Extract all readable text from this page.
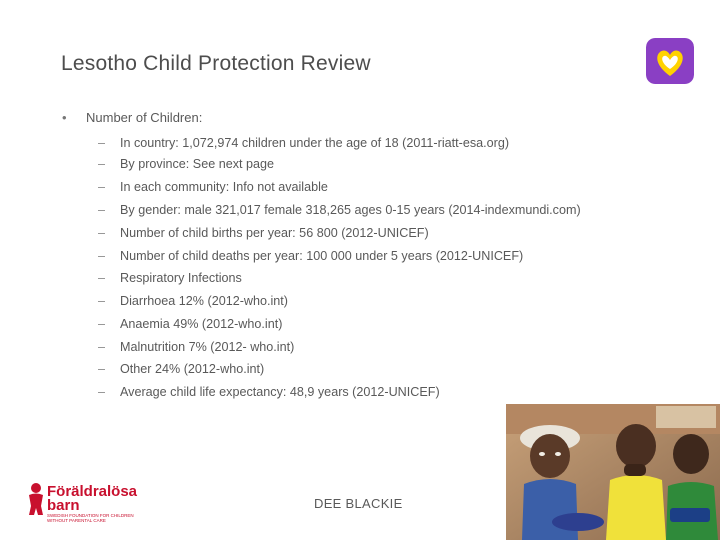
Lesotho Child Protection Review
• Number of Children:
– In country: 1,072,974 children under the age of 18 (2011-riatt-esa.org)
– By province: See next page
– In each community: Info not available
– By gender: male 321,017 female 318,265 ages 0-15 years (2014-indexmundi.com)
– Number of child births per year: 56 800 (2012-UNICEF)
– Number of child deaths per year: 100 000 under 5 years (2012-UNICEF)
– Respiratory Infections
– Diarrhoea 12% (2012-who.int)
– Anaemia 49% (2012-who.int)
– Malnutrition 7% (2012- who.int)
– Other 24% (2012-who.int)
– Average child life expectancy: 48,9 years (2012-UNICEF)
Föräldralösa
barn
SWEDISH FOUNDATION FOR CHILDREN
WITHOUT PARENTAL CARE
DEE BLACKIE
